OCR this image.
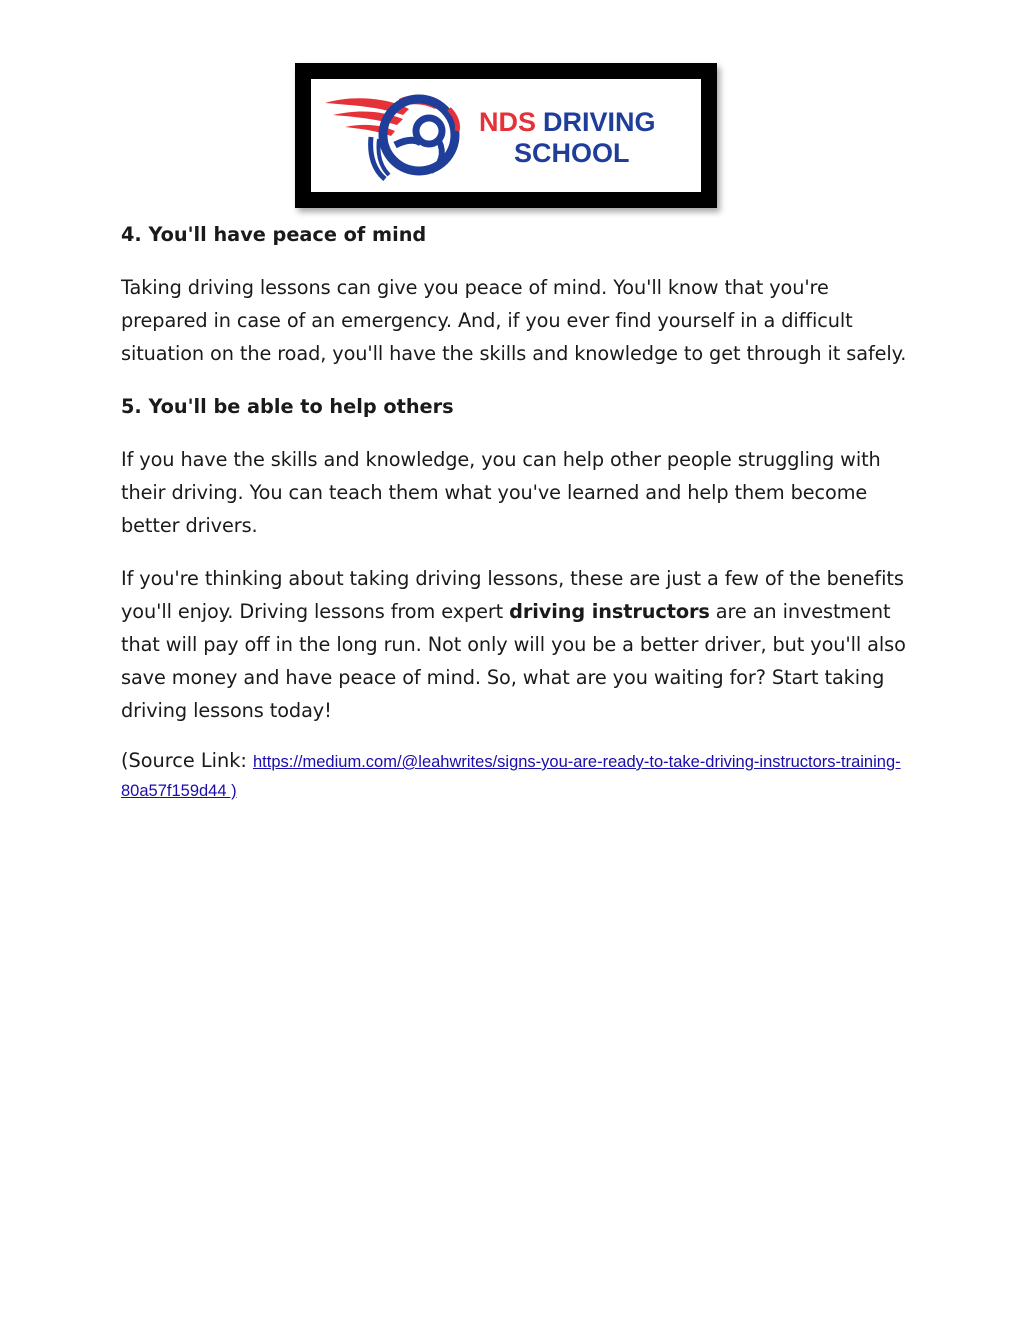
NDS DRIVING
SCHOOL
4. You'll have peace of mind

Taking driving lessons can give you peace of mind. You'll know that you're prepared in case of an emergency. And, if you ever find yourself in a difficult situation on the road, you'll have the skills and knowledge to get through it safely.

5. You'll be able to help others

If you have the skills and knowledge, you can help other people struggling with their driving. You can teach them what you've learned and help them become better drivers.

If you're thinking about taking driving lessons, these are just a few of the benefits you'll enjoy. Driving lessons from expert driving instructors are an investment that will pay off in the long run. Not only will you be a better driver, but you'll also save money and have peace of mind. So, what are you waiting for? Start taking driving lessons today!

(Source Link: https://medium.com/@leahwrites/signs-you-are-ready-to-take-driving-instructors-training-80a57f159d44 )
